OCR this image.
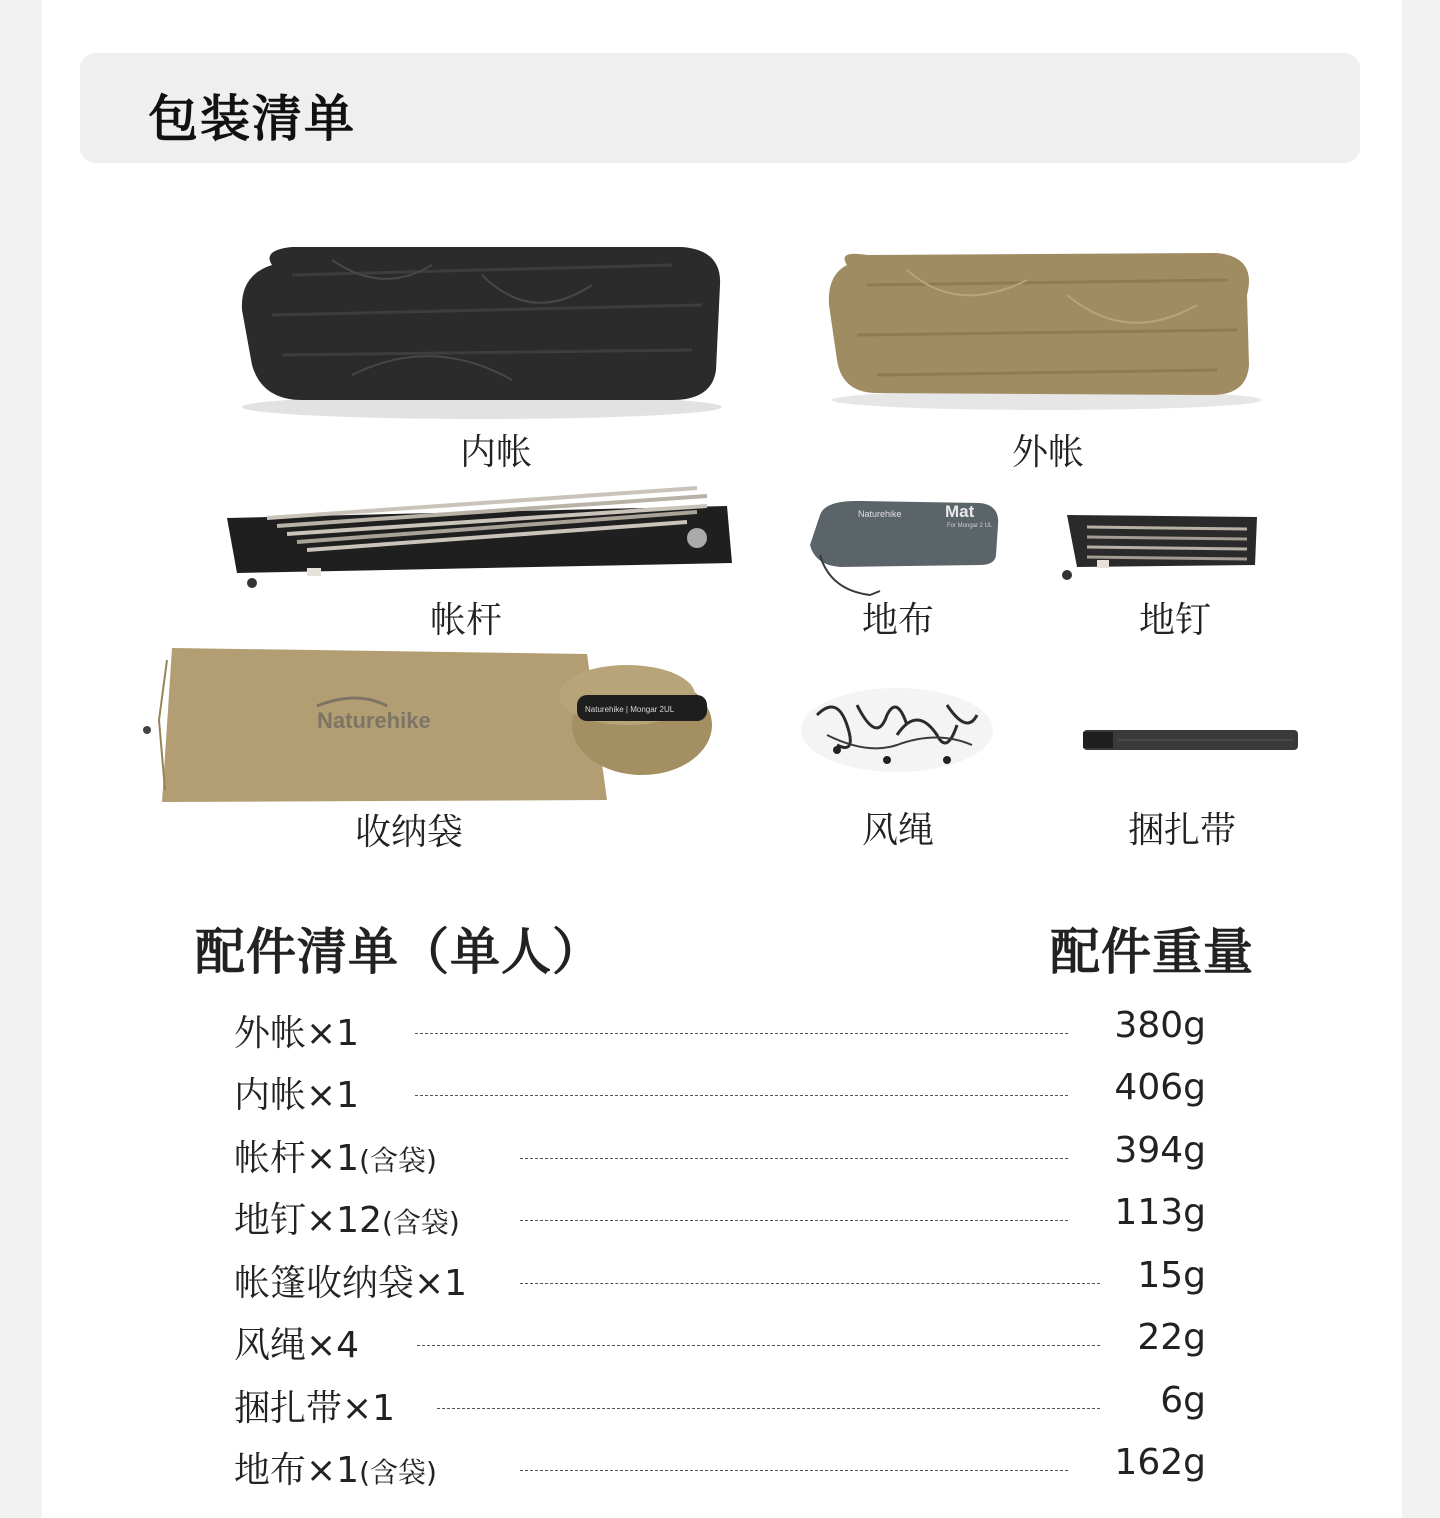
包装清单
内帐	外帐
帐杆
Naturehike	Mat
For Mongar 2 UL
地布	地钉
Naturehike	Naturehike | Mongar 2UL
收纳袋	风绳	捆扎带
配件清单（单人）	配件重量
外帐×1	380g
内帐×1	406g
帐杆×1(含袋)	394g
地钉×12(含袋)	113g
帐篷收纳袋×1	15g
风绳×4	22g
捆扎带×1	6g
地布×1(含袋)	162g
